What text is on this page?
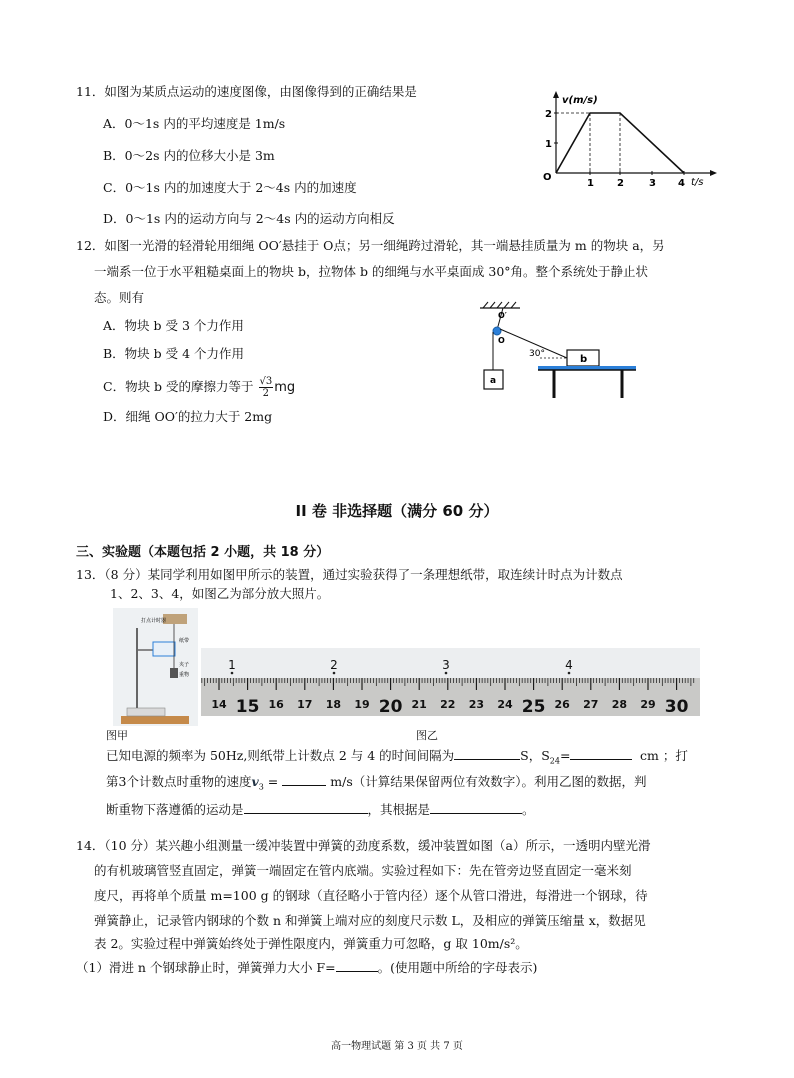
11．如图为某质点运动的速度图像，由图像得到的正确结果是
A．0～1s 内的平均速度是 1m/s
B．0～2s 内的位移大小是 3m
C．0～1s 内的加速度大于 2～4s 内的加速度
D．0～1s 内的运动方向与 2～4s 内的运动方向相反
v(m/s)
t/s
O
1
2
1 2	3 4
12．如图一光滑的轻滑轮用细绳 OO′悬挂于 O点；另一细绳跨过滑轮，其一端悬挂质量为 m 的物块 a，另
一端系一位于水平粗糙桌面上的物块 b，拉物体 b 的细绳与水平桌面成 30°角。整个系统处于静止状
态。则有
A．物块 b 受 3 个力作用
B．物块 b 受 4 个力作用
C．物块 b 受的摩擦力等于 $\frac{√3}{2}$ mg
D．细绳 OO′的拉力大于 2mg
O′
O
30°
a
b
II 卷 非选择题（满分 60 分）
三、实验题（本题包括 2 小题，共 18 分）
13．（8 分）某同学利用如图甲所示的装置，通过实验获得了一条理想纸带，取连续计时点为计数点
1、2、3、4，如图乙为部分放大照片。
打点计时器
纸带
夹子
重物
14 15 16 17 18 19 20 21 22 23 24 25 26 27 28 29 30
1	2	3	4
图甲	图乙
已知电源的频率为 50Hz,则纸带上计数点 2 与 4 的时间间隔为	S，$S_{24}=$	cm ；打
第3个计数点时重物的速度$v_3$ =	m/s（计算结果保留两位有效数字）。利用乙图的数据，判
断重物下落遵循的运动是	，其根据是	。
14．（10 分）某兴趣小组测量一缓冲装置中弹簧的劲度系数，缓冲装置如图（a）所示，一透明内壁光滑
的有机玻璃管竖直固定，弹簧一端固定在管内底端。实验过程如下：先在管旁边竖直固定一毫米刻
度尺，再将单个质量 m=100 g 的钢球（直径略小于管内径）逐个从管口滑进，每滑进一个钢球，待
弹簧静止，记录管内钢球的个数 n 和弹簧上端对应的刻度尺示数 L，及相应的弹簧压缩量 x，数据见
表 2。实验过程中弹簧始终处于弹性限度内，弹簧重力可忽略，g 取 10m/s²。
（1）滑进 n 个钢球静止时，弹簧弹力大小 F=	。(使用题中所给的字母表示)
高一物理试题 第 3 页 共 7 页
